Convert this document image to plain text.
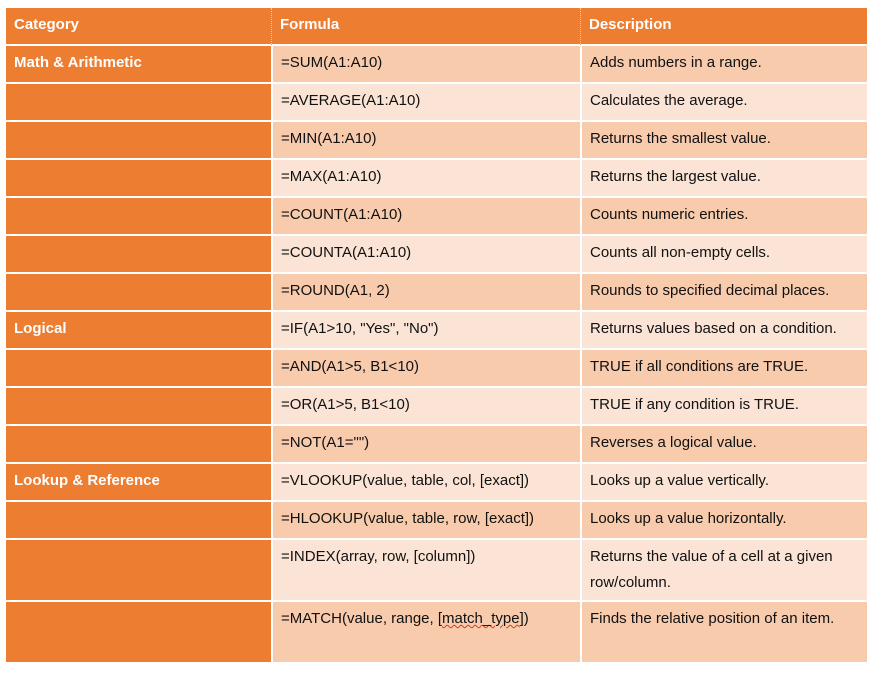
Category	Formula	Description
Math & Arithmetic	=SUM(A1:A10)	Adds numbers in a range.
	=AVERAGE(A1:A10)	Calculates the average.
	=MIN(A1:A10)	Returns the smallest value.
	=MAX(A1:A10)	Returns the largest value.
	=COUNT(A1:A10)	Counts numeric entries.
	=COUNTA(A1:A10)	Counts all non-empty cells.
	=ROUND(A1, 2)	Rounds to specified decimal places.
Logical	=IF(A1>10, "Yes", "No")	Returns values based on a condition.
	=AND(A1>5, B1<10)	TRUE if all conditions are TRUE.
	=OR(A1>5, B1<10)	TRUE if any condition is TRUE.
	=NOT(A1="")	Reverses a logical value.
Lookup & Reference	=VLOOKUP(value, table, col, [exact])	Looks up a value vertically.
	=HLOOKUP(value, table, row, [exact])	Looks up a value horizontally.
	=INDEX(array, row, [column])	Returns the value of a cell at a given row/column.
	=MATCH(value, range, [match_type])	Finds the relative position of an item.
